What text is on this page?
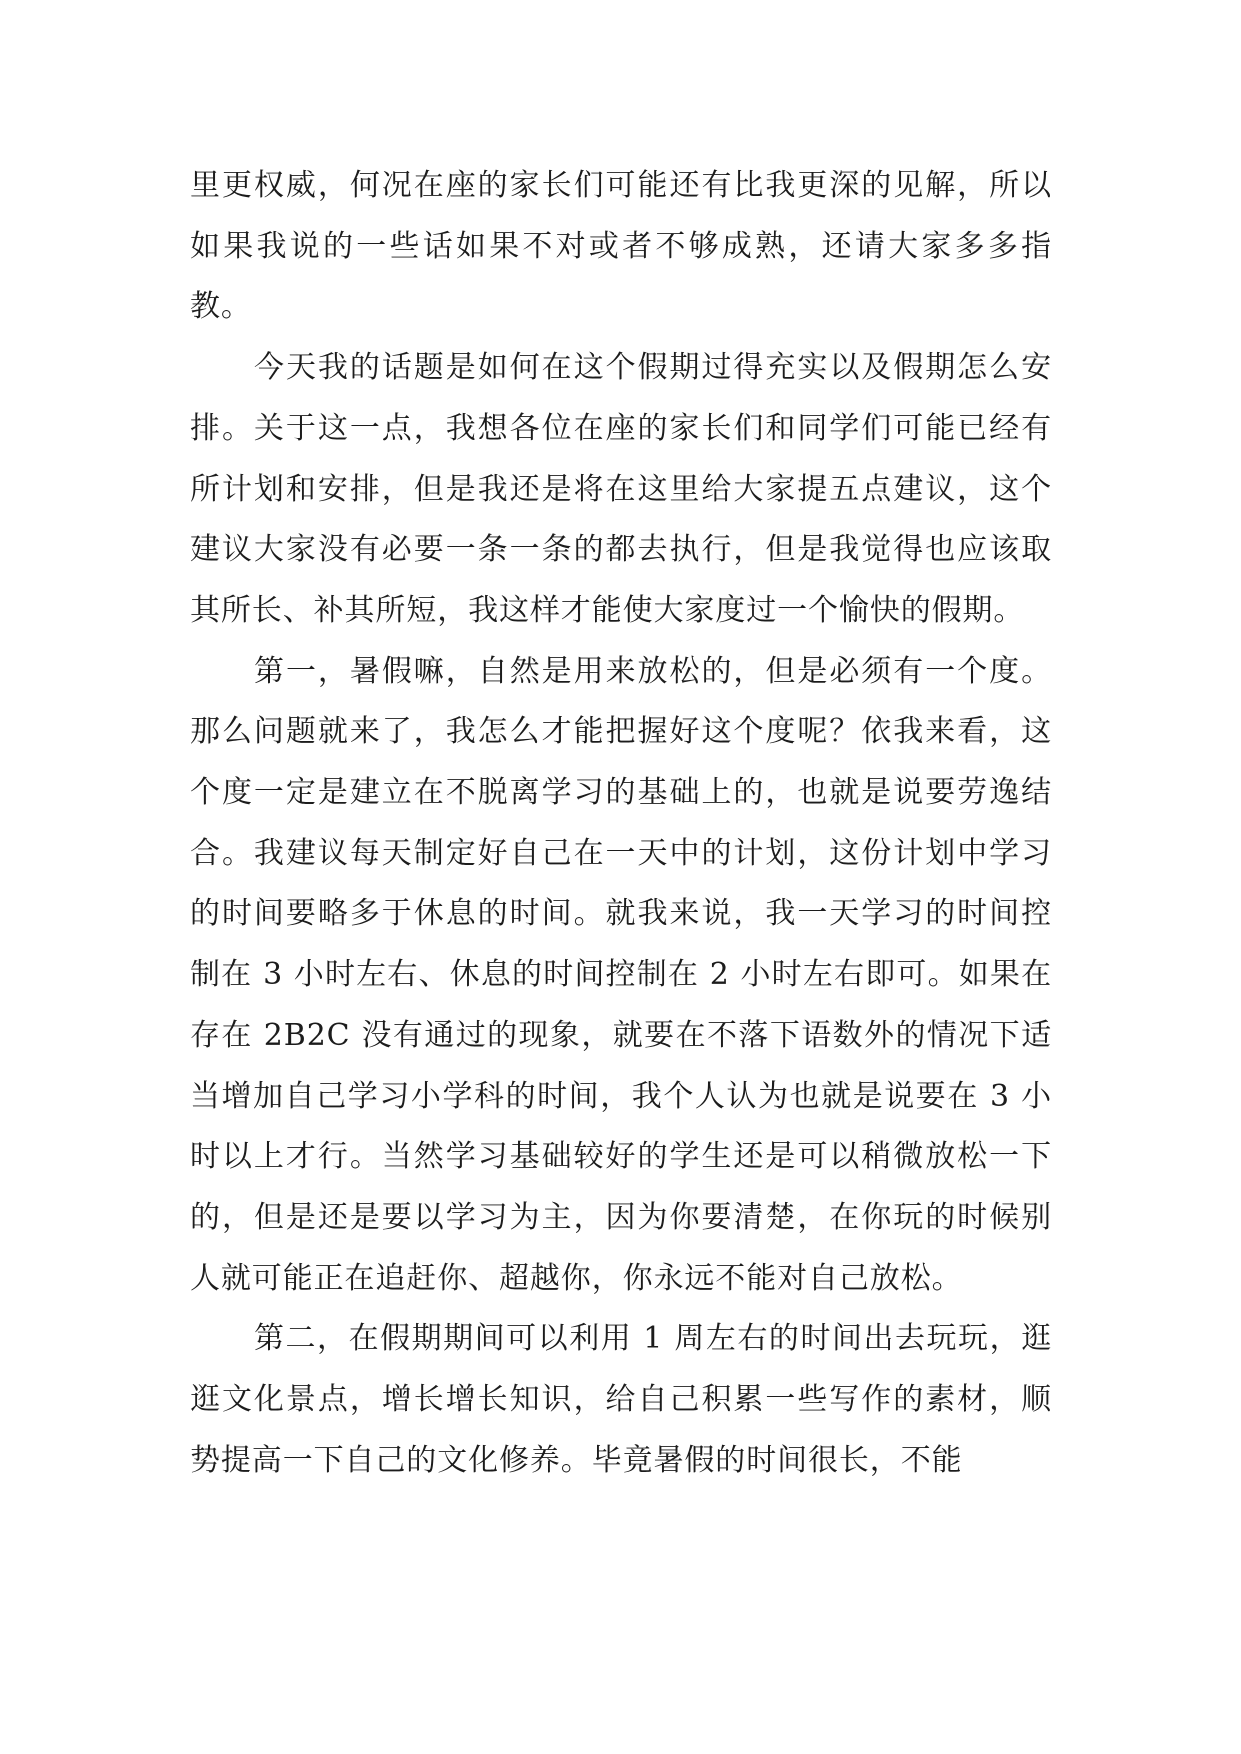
里更权威，何况在座的家长们可能还有比我更深的见解，所以如果我说的一些话如果不对或者不够成熟，还请大家多多指教。

今天我的话题是如何在这个假期过得充实以及假期怎么安排。关于这一点，我想各位在座的家长们和同学们可能已经有所计划和安排，但是我还是将在这里给大家提五点建议，这个建议大家没有必要一条一条的都去执行，但是我觉得也应该取其所长、补其所短，我这样才能使大家度过一个愉快的假期。

第一，暑假嘛，自然是用来放松的，但是必须有一个度。那么问题就来了，我怎么才能把握好这个度呢？依我来看，这个度一定是建立在不脱离学习的基础上的，也就是说要劳逸结合。我建议每天制定好自己在一天中的计划，这份计划中学习的时间要略多于休息的时间。就我来说，我一天学习的时间控制在 3 小时左右、休息的时间控制在 2 小时左右即可。如果在存在 2B2C 没有通过的现象，就要在不落下语数外的情况下适当增加自己学习小学科的时间，我个人认为也就是说要在 3 小时以上才行。当然学习基础较好的学生还是可以稍微放松一下的，但是还是要以学习为主，因为你要清楚，在你玩的时候别人就可能正在追赶你、超越你，你永远不能对自己放松。

第二，在假期期间可以利用 1 周左右的时间出去玩玩，逛逛文化景点，增长增长知识，给自己积累一些写作的素材，顺势提高一下自己的文化修养。毕竟暑假的时间很长，不能
